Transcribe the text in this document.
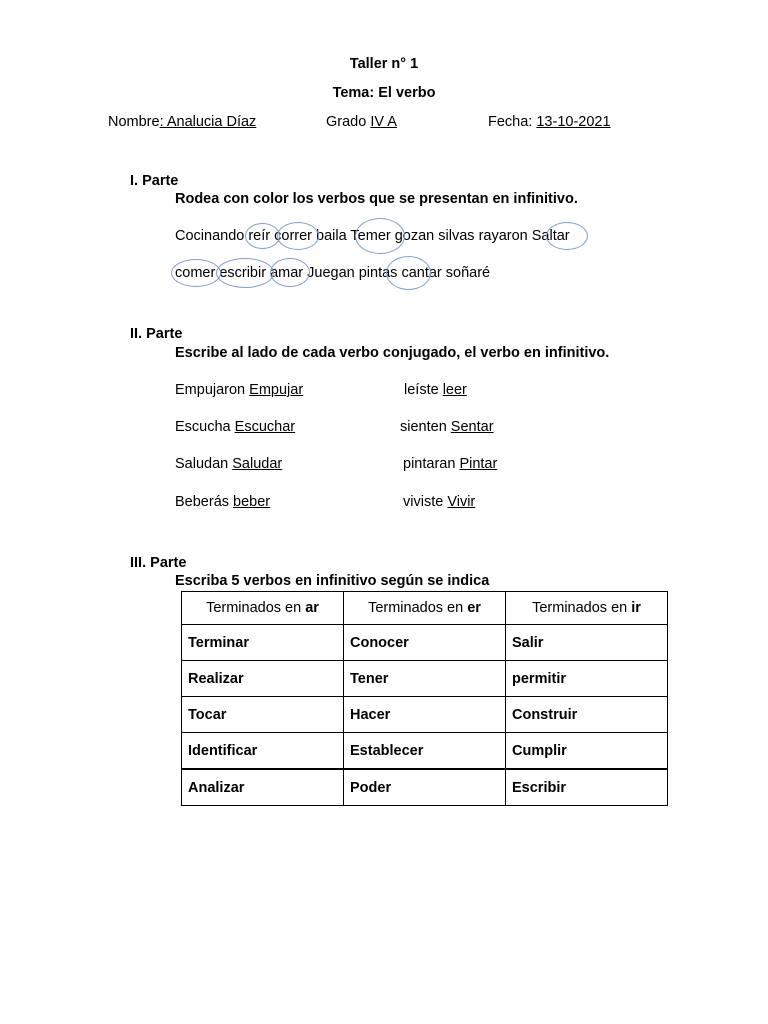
Taller n° 1
Tema: El verbo
Nombre: Analucia Díaz	Grado IV A	Fecha: 13-10-2021
I. Parte
Rodea con color los verbos que se presentan en infinitivo.
Cocinando reír correr baila Temer gozan silvas rayaron Saltar
comer escribir amar Juegan pintas cantar soñaré
II. Parte
Escribe al lado de cada verbo conjugado, el verbo en infinitivo.
Empujaron Empujar	leíste leer
Escucha Escuchar	sienten Sentar
Saludan Saludar	pintaran Pintar
Beberás beber	viviste Vivir
III. Parte
Escriba 5 verbos en infinitivo según se indica
Terminados en ar	Terminados en er	Terminados en ir
Terminar	Conocer	Salir
Realizar	Tener	permitir
Tocar	Hacer	Construir
Identificar	Establecer	Cumplir
Analizar	Poder	Escribir
